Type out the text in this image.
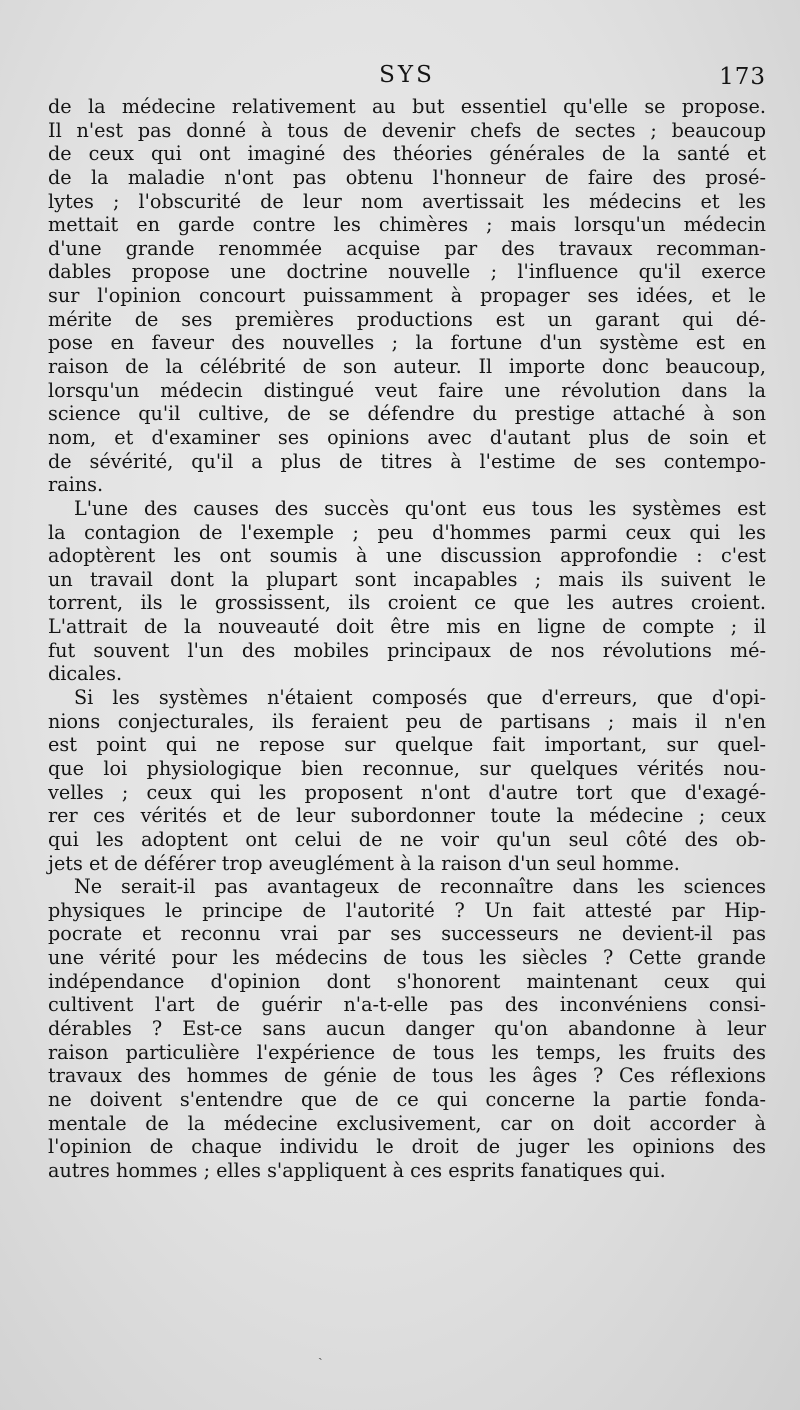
SYS	173
de la médecine relativement au but essentiel qu'elle se propose.
Il n'est pas donné à tous de devenir chefs de sectes ; beaucoup
de ceux qui ont imaginé des théories générales de la santé et
de la maladie n'ont pas obtenu l'honneur de faire des prosé-
lytes ; l'obscurité de leur nom avertissait les médecins et les
mettait en garde contre les chimères ; mais lorsqu'un médecin
d'une grande renommée acquise par des travaux recomman-
dables propose une doctrine nouvelle ; l'influence qu'il exerce
sur l'opinion concourt puissamment à propager ses idées, et le
mérite de ses premières productions est un garant qui dé-
pose en faveur des nouvelles ; la fortune d'un système est en
raison de la célébrité de son auteur. Il importe donc beaucoup,
lorsqu'un médecin distingué veut faire une révolution dans la
science qu'il cultive, de se défendre du prestige attaché à son
nom, et d'examiner ses opinions avec d'autant plus de soin et
de sévérité, qu'il a plus de titres à l'estime de ses contempo-
rains.
L'une des causes des succès qu'ont eus tous les systèmes est
la contagion de l'exemple ; peu d'hommes parmi ceux qui les
adoptèrent les ont soumis à une discussion approfondie : c'est
un travail dont la plupart sont incapables ; mais ils suivent le
torrent, ils le grossissent, ils croient ce que les autres croient.
L'attrait de la nouveauté doit être mis en ligne de compte ; il
fut souvent l'un des mobiles principaux de nos révolutions mé-
dicales.
Si les systèmes n'étaient composés que d'erreurs, que d'opi-
nions conjecturales, ils feraient peu de partisans ; mais il n'en
est point qui ne repose sur quelque fait important, sur quel-
que loi physiologique bien reconnue, sur quelques vérités nou-
velles ; ceux qui les proposent n'ont d'autre tort que d'exagé-
rer ces vérités et de leur subordonner toute la médecine ; ceux
qui les adoptent ont celui de ne voir qu'un seul côté des ob-
jets et de déférer trop aveuglément à la raison d'un seul homme.
Ne serait-il pas avantageux de reconnaître dans les sciences
physiques le principe de l'autorité ? Un fait attesté par Hip-
pocrate et reconnu vrai par ses successeurs ne devient-il pas
une vérité pour les médecins de tous les siècles ? Cette grande
indépendance d'opinion dont s'honorent maintenant ceux qui
cultivent l'art de guérir n'a-t-elle pas des inconvéniens consi-
dérables ? Est-ce sans aucun danger qu'on abandonne à leur
raison particulière l'expérience de tous les temps, les fruits des
travaux des hommes de génie de tous les âges ? Ces réflexions
ne doivent s'entendre que de ce qui concerne la partie fonda-
mentale de la médecine exclusivement, car on doit accorder à
l'opinion de chaque individu le droit de juger les opinions des
autres hommes ; elles s'appliquent à ces esprits fanatiques qui.
ˎ
